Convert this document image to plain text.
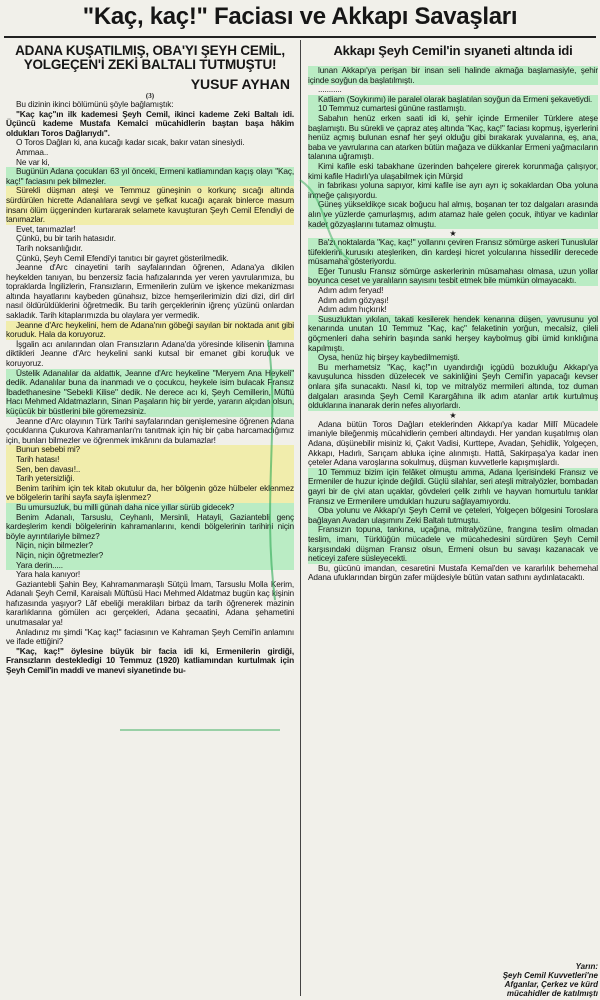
"Kaç, kaç!" Faciası ve Akkapı Savaşları
ADANA KUŞATILMIŞ, OBA'YI ŞEYH CEMİL, YOLGEÇEN'İ ZEKİ BALTALI TUTMUŞTU!
YUSUF AYHAN
(3)

Bu dizinin ikinci bölümünü şöyle bağlamıştık:

"Kaç kaç"ın ilk kademesi Şeyh Cemil, ikinci kademe Zeki Baltalı idi. Üçüncü kademe Mustafa Kemalci mücahidlerin baştan başa hâkim oldukları Toros Dağlarıydı".

O Toros Dağları ki, ana kucağı kadar sıcak, bakır vatan sinesiydi.

Ammaa..

Ne var ki,

Bugünün Adana çocukları 63 yıl önceki, Ermeni katliamından kaçış olayı "Kaç, kaç!" faciasını pek bilmezler.

Sürekli düşman ateşi ve Temmuz güneşinin o korkunç sıcağı altında sürdürülen hicrette Adanalılara sevgi ve şefkat kucağı açarak binlerce masum insanı ölüm üçgeninden kurtararak selamete kavuşturan Şeyh Cemil Efendiyi de tanımazlar.

Evet, tanımazlar!

Çünkü, bu bir tarih hatasıdır.

Tarih noksanlığıdır.

Çünkü, Şeyh Cemil Efendi'yi tanıtıcı bir gayret gösterilmedik.

Jeanne d'Arc cinayetini tarih sayfalarından öğrenen, Adana'ya dikilen heykelden tanıyan, bu benzersiz facia hafızalarında yer veren yavrularımıza, bu topraklarda İngilizlerin, Fransızların, Ermenilerin zulüm ve işkence mekanizması altında hayatlarını kaybeden günahsız, bizce hemşerilerimizin dizi dizi, dirl dirl nasıl öldürüldüklerini öğretmedik. Bu tarih gerçeklerinin iğrenç yüzünü onlardan sakladık. Tarih kitaplarımızda bu olaylara yer vermedik.

Jeanne d'Arc heykelini, hem de Adana'nın göbeği sayılan bir noktada anıt gibi koruduk. Hala da koruyoruz.

İşgalin acı anılarından olan Fransızların Adana'da yöresinde kilisenin damına diktikleri Jeanne d'Arc heykelini sanki kutsal bir emanet gibi koruduk ve koruyoruz.

Üstelik Adanalılar da aldattık, Jeanne d'Arc heykeline "Meryem Ana Heykeli" dedik. Adanalılar buna da inanmadı ve o çocukcu, heykele isim bulacak Fransız İbadethanesine "Sebekli Kilise" dedik. Ne derece acı ki, Şeyh Cemillerin, Müftü Hacı Mehmed Aldatmazların, Sinan Paşaların hiç bir yerde, yararın alçıdan olsun, küçücük bir büstlerini bile göremezsiniz.

Jeanne d'Arc olayının Türk Tarihi sayfalarından genişlemesine öğrenen Adana çocuklarına Çukurova Kahramanları'nı tanıtmak için hiç bir çaba harcamadığımız için, bunları bilmezler ve öğrenmek imkânını da bulamazlar!

Bunun sebebi mi?

Tarih hatası!

Sen, ben davası!..

Tarih yetersizliği.

Benim tarihim için tek kitab okutulur da, her bölgenin göze hülbeler eklenmez ve bölgelerin tarihi sayfa sayfa işlenmez?

Bu umursuzluk, bu milli günah daha nice yıllar sürüb gidecek?

Benim Adanalı, Tarsuslu, Ceyhanlı, Mersinli, Hatayli, Gaziantebli genç kardeşlerim kendi bölgelerinin kahramanlarını, kendi bölgelerinin tarihini niçin böyle ayrıntılariyle bilmez?

Niçin, niçin bilmezler?

Niçin, niçin öğretmezler?

Yara derin.....

Yara hala kanıyor!

Gaziantebli Şahin Bey, Kahramanmaraşlı Sütçü İmam, Tarsuslu Molla Kerim, Adanalı Şeyh Cemil, Karaisalı Müftüsü Hacı Mehmed Aldatmaz bugün kaç kişinin hafızasında yaşıyor? Lâf ebeliği merakliları birbaz da tarih öğrenerek mazinin kararlıklarına gömülen acı gerçekleri, Adana şecaatini, Adana şehametini unutmasalar ya!

Anladınız mı şimdi "Kaç kaç!" faciasının ve Kahraman Şeyh Cemil'in anlamını ve ifade ettiğini?

"Kaç, kaç!" öylesine büyük bir facia idi ki, Ermenilerin girdiği, Fransızların destekledigi 10 Temmuz (1920) katliamından kurtulmak için Şeyh Cemil'in maddi ve manevi siyanetinde bu-

Akkapı Şeyh Cemil'in sıyaneti altında idi

lunan Akkapı'ya perişan bir insan seli halinde akmağa başlamasiyle, şehir içinde soyğun da başlatılmıştı.

...........

Katliam (Soykırımı) ile paralel olarak başlatılan soyğun da Ermeni şekavetiydi.

10 Temmuz cumartesi gününe rastlamıştı.

Sabahın henüz erken saati idi ki, şehir içinde Ermeniler Türklere ateşe başlamıştı. Bu sürekli ve çapraz ateş altında "Kaç, kaç!" faciası kopmuş, işyerlerini henüz açmış bulunan esnaf her şeyi olduğu gibi bırakarak yuvalarına, eş, ana, baba ve yavrularına can atarken bütün mağaza ve dükkanlar Ermeni yağmacıların talanına uğramıştı.

Kimi kafile eski tabakhane üzerinden bahçelere girerek korunmağa çalışıyor, kimi kafile Hadırlı'ya ulaşabilmek için Mürşid

in fabrikası yoluna sapıyor, kimi kafile ise ayrı ayrı iç sokaklardan Oba yoluna inmeğe çalışıyordu.

Güneş yükseldikçe sıcak boğucu hal almış, boşanan ter toz dalgaları arasında alın ve yüzlerde çamurlaşmış, adım atamaz hale gelen çocuk, ihtiyar ve kadınlar kader gözyaşlarını tutamaz olmuştu.

★

Ba'zı noktalarda "Kaç, kaç!" yollarını çeviren Fransız sömürge askeri Tunuslular tüfeklerini kurusıkı ateşleriken, din kardeşi hicret yolcularına hissedilir derecede müsamaha gösteriyordu.

Eğer Tunuslu Fransız sömürge askerlerinin müsamahası olmasa, uzun yollar boyunca ceset ve yaralıların sayısını tesbit etmek bile mümkün olmayacaktı.

Adım adım feryad!

Adım adım gözyaşı!

Adım adım hıçkırık!

Susuzluktan yıkılan, takati kesilerek hendek kenarına düşen, yavrusunu yol kenarında unutan 10 Temmuz "Kaç, kaç" felaketinin yorğun, mecalsiz, çileli göçmenleri daha sehirin başında sanki herşey kaybolmuş gibi ümid kırıklığına kapılmıştı.

Oysa, henüz hiç birşey kaybedilmemişti.

Bu merhametsiz "Kaç, kaç!"ın uyandırdığı içgüdü bozukluğu Akkapı'ya kavuşulunca hissden düzelecek ve sakinliğini Şeyh Cemil'in yapacağı kevser onlara şifa sunacaktı. Nasıl ki, top ve mitralyöz mermileri altında, toz duman dalgaları arasında Şeyh Cemil Karargâhına ilk adım atanlar artık kurtulmuş olduklarına inanarak derin nefes alıyorlardı.

★

Adana bütün Toros Dağları eteklerinden Akkapı'ya kadar Millî Mücadele imaniyle bileğenmiş mücahidlerin çemberi altındaydı. Her yandan kuşatılmış olan Adana, düşünebilir misiniz ki, Çakıt Vadisi, Kurttepe, Avadan, Şehidlik, Yolgeçen, Akkapı, Hadırlı, Sarıçam ablukа içine alınmıştı. Hattâ, Sakirpaşa'ya kadar inen çeteler Adana varoşlarına sokulmuş, düşman kuvvetlerle kapışmışlardı.

10 Temmuz bizim için felâket olmuştu amma, Adana İçerisindeki Fransız ve Ermeniler de huzur içinde değildi. Güçlü silahlar, seri ateşli mitralyözler, bombadan gayri bir de çivi atan uçaklar, gövdeleri çelik zırhlı ve hayvan homurtulu tanklar Fransız ve Ermenilere umdukları huzuru sağlayamıyordu.

Oba yolunu ve Akkapı'yı Şeyh Cemil ve çeteleri, Yolgeçen bölgesini Toroslara bağlayan Avadan ulaşımını Zeki Baltalı tutmuştu.

Fransızın topuna, tankına, uçağına, mitralyözüne, frangına teslim olmadan teslim, imanı, Türklüğün mücadele ve mücahedesini sürdüren Şeyh Cemil karşısındaki düşman Fransız olsun, Ermeni olsun bu savaşı kazanacak ve neticeyi zafere süsleyecekti.

Bu, gücünü imandan, cesaretini Mustafa Kemal'den ve kararlılık behemehal Adana ufuklarından birgün zafer müjdesiyle bütün vatan sathını aydınlatacaktı.

Yarın:
Şeyh Cemil Kuvvetleri'ne Afganlar, Çerkez ve kürd mücahidler de katılmıştı
